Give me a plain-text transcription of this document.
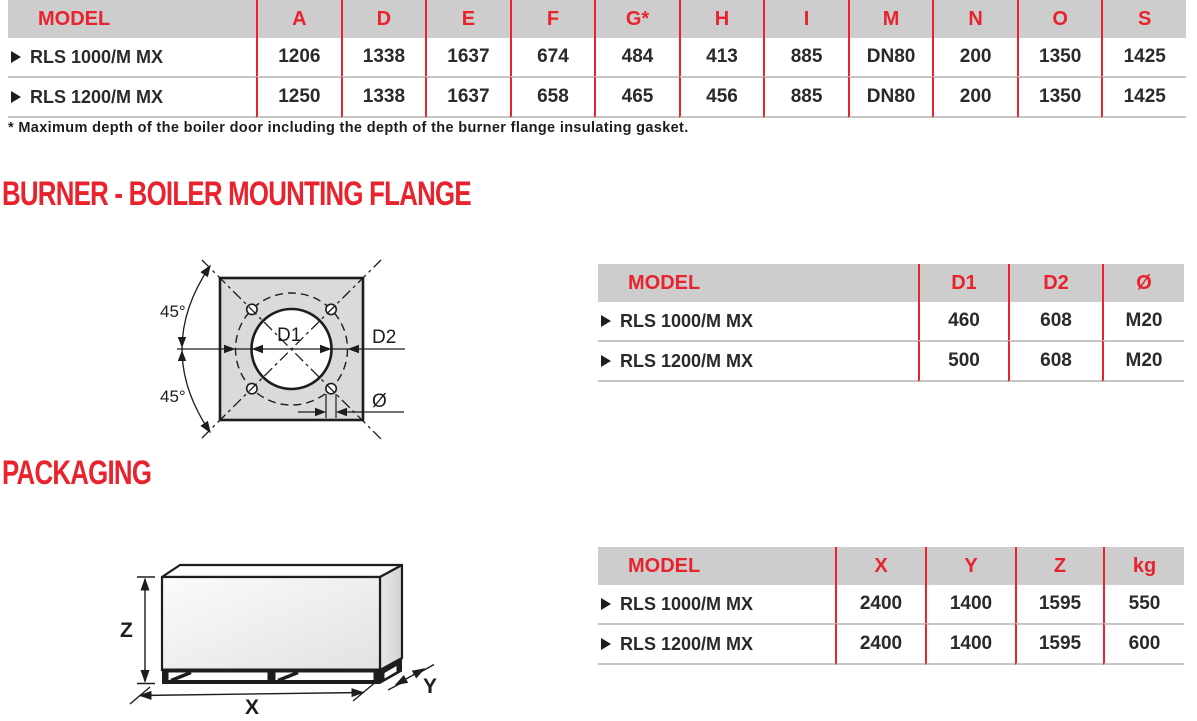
MODEL	A	D	E	F	G*	H	I	M	N	O	S
RLS 1000/M MX	1206	1338	1637	674	484	413	885	DN80	200	1350	1425
RLS 1200/M MX	1250	1338	1637	658	465	456	885	DN80	200	1350	1425
* Maximum depth of the boiler door including the depth of the burner flange insulating gasket.
BURNER - BOILER MOUNTING FLANGE
45°
45°
D1	D2
Ø
MODEL	D1	D2	Ø
RLS 1000/M MX	460	608	M20
RLS 1200/M MX	500	608	M20
PACKAGING
Z
X
Y
MODEL	X	Y	Z	kg
RLS 1000/M MX	2400	1400	1595	550
RLS 1200/M MX	2400	1400	1595	600
